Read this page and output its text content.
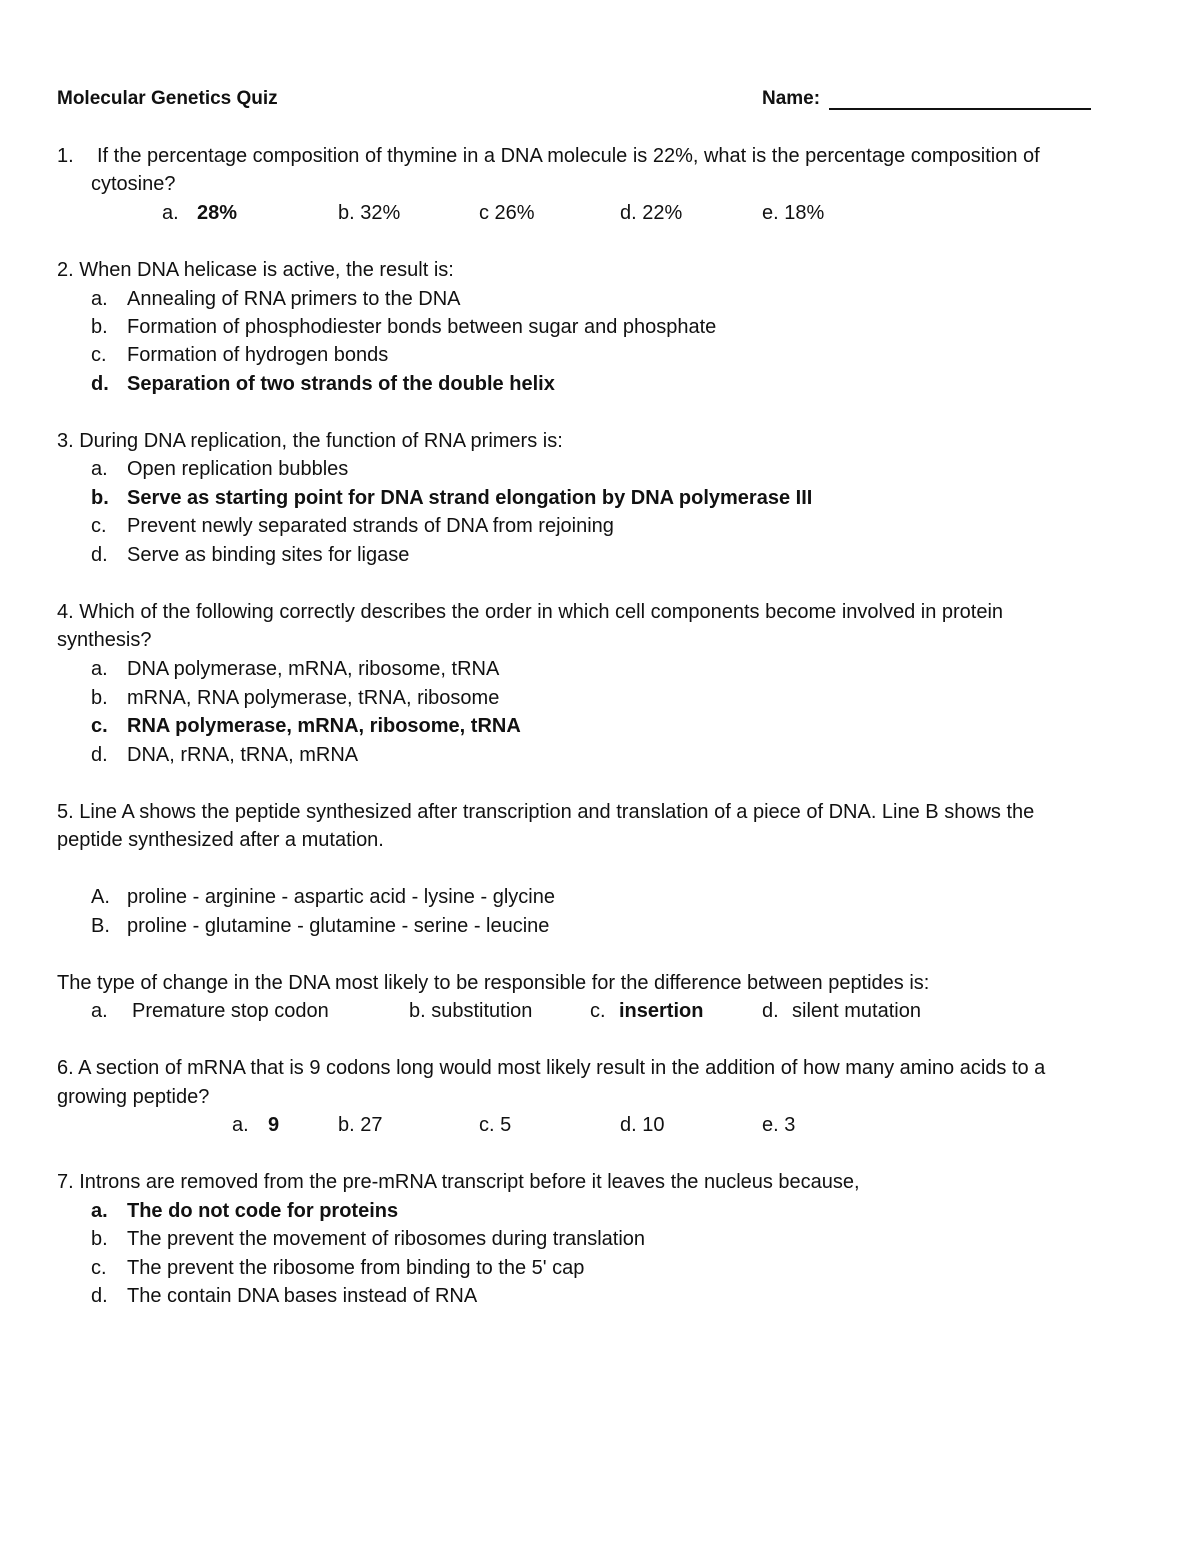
Molecular Genetics Quiz	Name:
1. If the percentage composition of thymine in a DNA molecule is 22%, what is the percentage composition of
cytosine?
a. 28%	b. 32%	c 26%	d. 22%	e. 18%
2. When DNA helicase is active, the result is:
a. Annealing of RNA primers to the DNA
b. Formation of phosphodiester bonds between sugar and phosphate
c. Formation of hydrogen bonds
d. Separation of two strands of the double helix
3. During DNA replication, the function of RNA primers is:
a. Open replication bubbles
b. Serve as starting point for DNA strand elongation by DNA polymerase III
c. Prevent newly separated strands of DNA from rejoining
d. Serve as binding sites for ligase
4. Which of the following correctly describes the order in which cell components become involved in protein
synthesis?
a. DNA polymerase, mRNA, ribosome, tRNA
b. mRNA, RNA polymerase, tRNA, ribosome
c. RNA polymerase, mRNA, ribosome, tRNA
d. DNA, rRNA, tRNA, mRNA
5. Line A shows the peptide synthesized after transcription and translation of a piece of DNA. Line B shows the
peptide synthesized after a mutation.
A. proline - arginine - aspartic acid - lysine - glycine
B. proline - glutamine - glutamine - serine - leucine
The type of change in the DNA most likely to be responsible for the difference between peptides is:
a. Premature stop codon	b. substitution	c. insertion	d. silent mutation
6. A section of mRNA that is 9 codons long would most likely result in the addition of how many amino acids to a
growing peptide?
a. 9	b. 27	c. 5	d. 10	e. 3
7. Introns are removed from the pre-mRNA transcript before it leaves the nucleus because,
a. The do not code for proteins
b. The prevent the movement of ribosomes during translation
c. The prevent the ribosome from binding to the 5' cap
d. The contain DNA bases instead of RNA
